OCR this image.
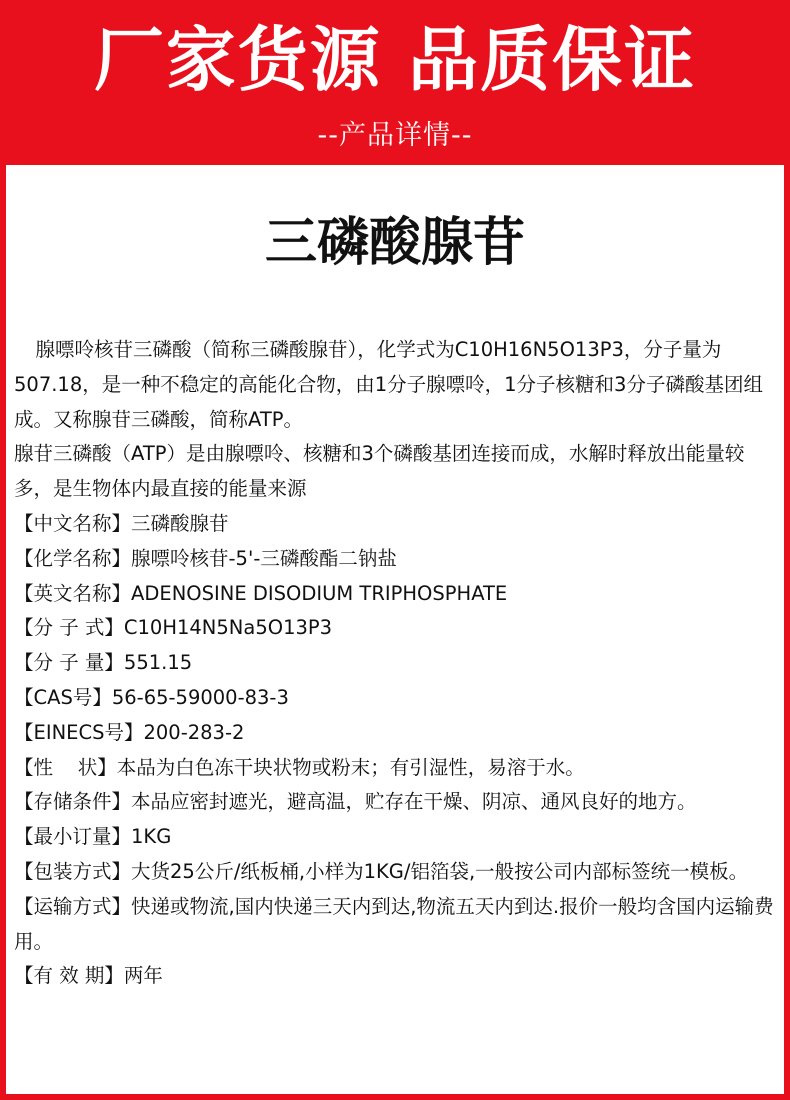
厂家货源 品质保证
--产品详情--
三磷酸腺苷

腺嘌呤核苷三磷酸（简称三磷酸腺苷），化学式为C10H16N5O13P3，分子量为507.18，是一种不稳定的高能化合物，由1分子腺嘌呤，1分子核糖和3分子磷酸基团组成。又称腺苷三磷酸，简称ATP。

腺苷三磷酸（ATP）是由腺嘌呤、核糖和3个磷酸基团连接而成，水解时释放出能量较多，是生物体内最直接的能量来源

【中文名称】三磷酸腺苷

【化学名称】腺嘌呤核苷-5'-三磷酸酯二钠盐

【英文名称】ADENOSINE DISODIUM TRIPHOSPHATE

【分 子 式】C10H14N5Na5O13P3

【分 子 量】551.15

【CAS号】56-65-59000-83-3

【EINECS号】200-283-2

【性    状】本品为白色冻干块状物或粉末；有引湿性，易溶于水。

【存储条件】本品应密封遮光，避高温，贮存在干燥、阴凉、通风良好的地方。

【最小订量】1KG

【包装方式】大货25公斤/纸板桶,小样为1KG/铝箔袋,一般按公司内部标签统一模板。

【运输方式】快递或物流,国内快递三天内到达,物流五天内到达.报价一般均含国内运输费用。

【有 效 期】两年
